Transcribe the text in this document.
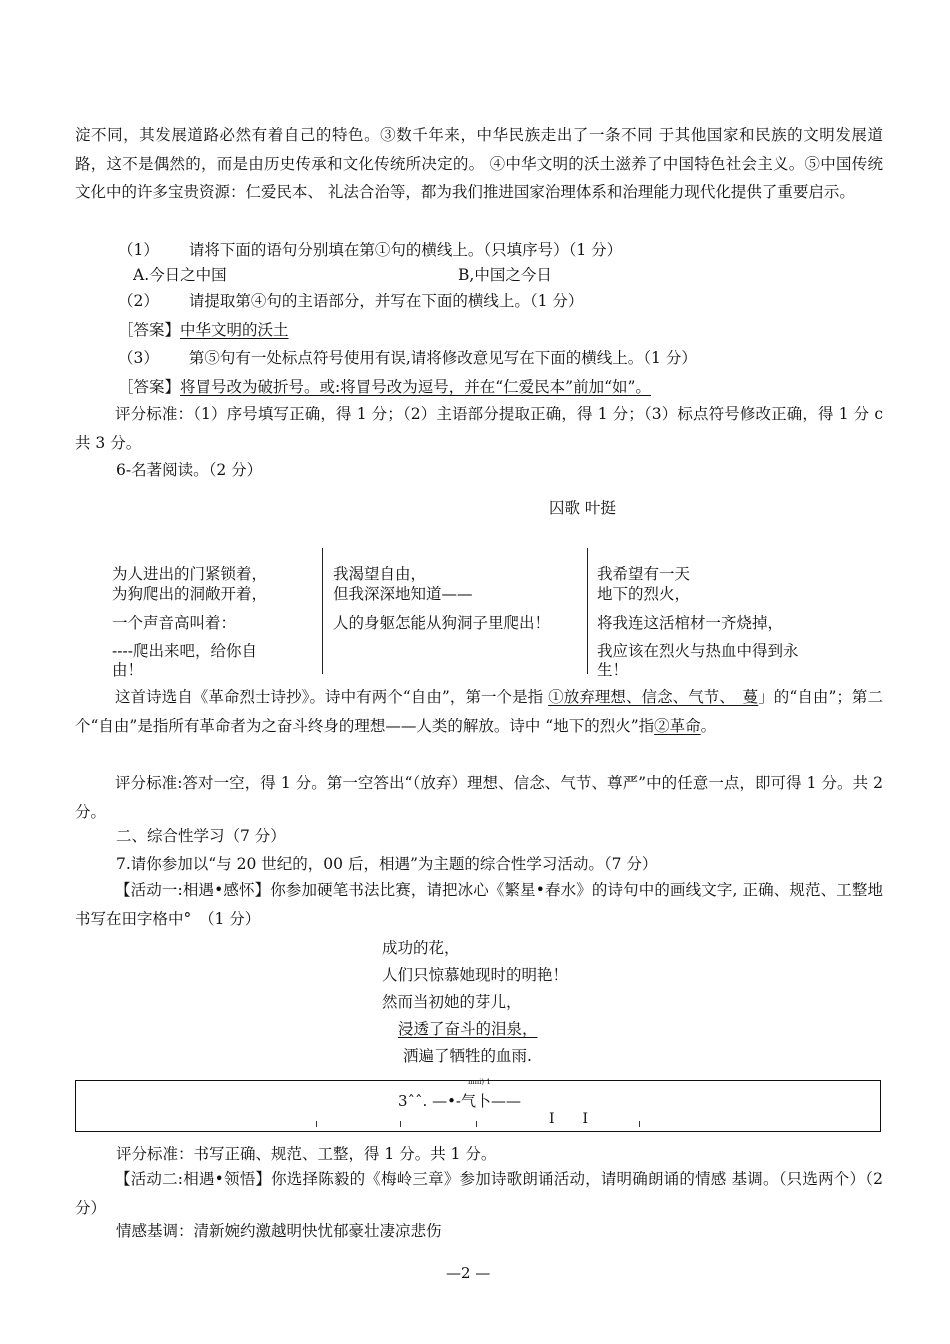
淀不同，其发展道路必然有着自己的特色。③数千年来，中华民族走出了一条不同 于其他国家和民族的文明发展道路，这不是偶然的，而是由历史传承和文化传统所决定的。 ④中华文明的沃土滋养了中国特色社会主义。⑤中国传统文化中的许多宝贵资源：仁爱民本、 礼法合治等，都为我们推进国家治理体系和治理能力现代化提供了重要启示。
（1） 请将下面的语句分别填在第①句的横线上。（只填序号）（1 分）
A.今日之中国	B,中国之今日
（2） 请提取第④句的主语部分，并写在下面的横线上。（1 分）
［答案】中华文明的沃土
（3） 第⑤句有一处标点符号使用有误,请将修改意见写在下面的横线上。（1 分）
［答案】将冒号改为破折号。或:将冒号改为逗号，并在“仁爱民本”前加“如”。
评分标准：（1）序号填写正确，得 1 分；（2）主语部分提取正确，得 1 分；（3）标点符号修改正确，得 1 分 c 共 3 分。
6-名著阅读。（2 分）
囚歌 叶挺
为人进出的门紧锁着，
为狗爬出的洞敞开着，
一个声音高叫着：
----爬出来吧，给你自
由！
我渴望自由，
但我深深地知道——
人的身躯怎能从狗洞子里爬出！
我希望有一天
地下的烈火，
将我连这活棺材一齐烧掉，
我应该在烈火与热血中得到永
生！
这首诗选自《革命烈士诗抄》。诗中有两个“自由”，第一个是指 ①放弃理想、信念、气节、　蔓」的“自由”；第二个“自由”是指所有革命者为之奋斗终身的理想——人类的解放。诗中 “地下的烈火”指②革命。
评分标准:答对一空，得 1 分。第一空答出“（放弃）理想、信念、气节、尊严”中的任意一点，即可得 1 分。共 2 分。
二、综合性学习（7 分）
7.请你参加以“与 20 世纪的，00 后，相遇”为主题的综合性学习活动。（7 分）
【活动一:相遇•感怀】你参加硬笔书法比赛，请把冰心《繁星•春水》的诗句中的画线文字, 正确、规范、工整地书写在田字格中°　（1 分）
成功的花，
人们只惊慕她现时的明艳！
然而当初她的芽儿，
浸透了奋斗的泪泉，
洒遍了牺牲的血雨.
mni) 1
3ˆˆ. —•-气卜——
I　　I
评分标准：书写正确、规范、工整，得 1 分。共 1 分。
【活动二:相遇•领悟】你选择陈毅的《梅岭三章》参加诗歌朗诵活动，请明确朗诵的情感 基调。（只选两个）（2 分）
情感基调：清新婉约激越明快忧郁豪壮凄凉悲伤
—2 —
